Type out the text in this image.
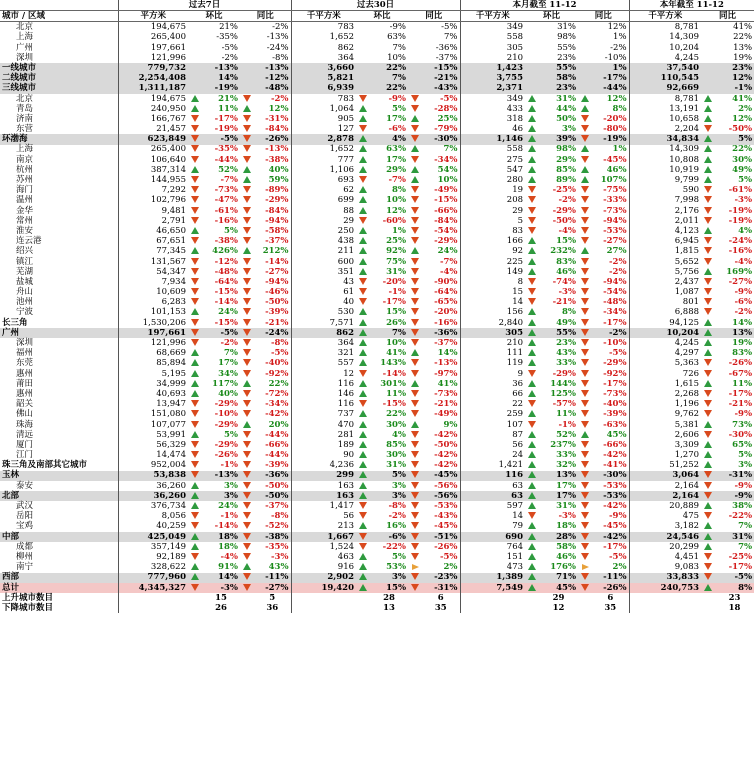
	过去7日					过去30日					本月截至 11-12					本年截至 11-12		
城市 / 区域	平方米	环比		同比		千平方米	环比		同比		千平方米	环比		同比		千平方米	同比	
北京	194,675		21%		-2%	783		-9%		-5%	349		31%		12%	8,781		41%
上海	265,400		-35%		-13%	1,652		63%		7%	558		98%		1%	14,309		22%
广州	197,661		-5%		-24%	862		7%		-36%	305		55%		-2%	10,204		13%
深圳	121,996		-2%		-8%	364		10%		-37%	210		23%		-10%	4,245		19%
一线城市	779,732		-13%		-13%	3,660		22%		-15%	1,423		55%		1%	37,540		23%
二线城市	2,254,408		14%		-12%	5,821		7%		-21%	3,755		58%		-17%	110,545		12%
三线城市	1,311,187		-19%		-48%	6,939		22%		-43%	2,371		23%		-44%	92,669		-1%
北京	194,675		21%		-2%	783		-9%		-5%	349		31%		12%	8,781		41%
青岛	240,950		11%		12%	1,064		5%		-28%	433		44%		8%	13,191		2%
济南	166,767		-17%		-31%	905		17%		25%	318		50%		-20%	10,658		12%
东营	21,457		-19%		-84%	127		-6%		-79%	46		3%		-80%	2,204		-50%
环渤海	623,849		-5%		-26%	2,878		4%		-30%	1,146		39%		-19%	34,834		5%
上海	265,400		-35%		-13%	1,652		63%		7%	558		98%		1%	14,309		22%
南京	106,640		-44%		-38%	777		17%		-34%	275		29%		-45%	10,808		30%
杭州	387,314		52%		40%	1,106		29%		54%	547		85%		46%	10,919		49%
苏州	144,955		-7%		59%	693		-7%		10%	280		89%		107%	9,799		5%
海门	7,292		-73%		-89%	62		8%		-49%	19		-25%		-75%	590		-61%
温州	102,796		-47%		-29%	699		10%		-15%	208		-2%		-33%	7,998		-3%
金华	9,481		-61%		-84%	88		12%		-66%	29		-29%		-73%	2,176		-19%
常州	2,791		-16%		-94%	29		-60%		-84%	5		-50%		-94%	2,011		-19%
淮安	46,650		5%		-58%	250		1%		-54%	83		-4%		-53%	4,123		4%
连云港	67,651		-38%		-37%	438		25%		-29%	166		15%		-27%	6,945		-24%
绍兴	77,345		426%		212%	211		92%		24%	92		232%		27%	1,815		-16%
镇江	131,567		-12%		-14%	600		75%		-7%	225		83%		-2%	5,652		-4%
芜湖	54,347		-48%		-27%	351		31%		-4%	149		46%		-2%	5,756		169%
盐城	7,934		-64%		-94%	43		-20%		-90%	8		-74%		-94%	2,437		-27%
舟山	10,609		-15%		-46%	61		-1%		-64%	15		-3%		-54%	1,087		-9%
池州	6,283		-14%		-50%	40		-17%		-65%	14		-21%		-48%	801		-6%
宁波	101,153		24%		-39%	530		15%		-20%	156		8%		-34%	6,888		-2%
长三角	1,530,206		-15%		-21%	7,571		26%		-16%	2,840		49%		-17%	94,125		14%
广州	197,661		-5%		-24%	862		7%		-36%	305		55%		-2%	10,204		13%
深圳	121,996		-2%		-8%	364		10%		-37%	210		23%		-10%	4,245		19%
福州	68,669		7%		-5%	321		41%		14%	111		43%		-5%	4,297		83%
东莞	85,894		17%		-40%	557		143%		-13%	119		33%		-29%	5,363		-26%
惠州	5,195		34%		-92%	12		-14%		-97%	9		-29%		-92%	726		-67%
莆田	34,999		117%		22%	116		301%		41%	36		144%		-17%	1,615		11%
惠州	40,693		40%		-72%	146		11%		-73%	66		125%		-73%	2,268		-17%
韶关	13,947		-29%		-34%	116		-15%		-21%	22		-57%		-40%	1,196		-21%
佛山	151,080		-10%		-42%	737		22%		-49%	259		11%		-39%	9,762		-9%
珠海	107,077		-29%		20%	470		30%		9%	107		-1%		-63%	5,381		73%
清远	53,991		5%		-44%	281		4%		-42%	87		52%		45%	2,606		-30%
厦门	56,329		-29%		-66%	189		85%		-50%	56		237%		-66%	3,309		65%
江门	14,474		-26%		-44%	90		30%		-42%	24		33%		-42%	1,270		5%
珠三角及南部其它城市	952,004		-1%		-39%	4,236		31%		-42%	1,421		32%		-41%	51,252		3%
玉林	53,838		-13%		-36%	299		5%		-45%	116		13%		-30%	3,064		-31%
泰安	36,260		3%		-50%	163		3%		-56%	63		17%		-53%	2,164		-9%
北部	36,260		3%		-50%	163		3%		-56%	63		17%		-53%	2,164		-9%
武汉	376,734		24%		-37%	1,417		-8%		-53%	597		31%		-42%	20,889		38%
岳阳	8,056		-1%		-8%	56		-2%		-43%	14		-3%		-9%	475		-22%
宝鸡	40,259		-14%		-52%	213		16%		-45%	79		18%		-45%	3,182		7%
中部	425,049		18%		-38%	1,667		-6%		-51%	690		28%		-42%	24,546		31%
成都	357,149		18%		-35%	1,524		-22%		-26%	764		58%		-17%	20,299		7%
柳州	92,189		-4%		-3%	463		5%		-5%	151		46%		-5%	4,451		-25%
南宁	328,622		91%		43%	916		53%		2%	473		176%		2%	9,083		-17%
西部	777,960		14%		-11%	2,902		3%		-23%	1,389		71%		-11%	33,833		-5%
总计	4,345,327		-3%		-27%	19,420		15%		-31%	7,549		45%		-26%	240,753		8%
上升城市数目			15		5			28		6			29		6			23
下降城市数目			26		36			13		35			12		35			18
